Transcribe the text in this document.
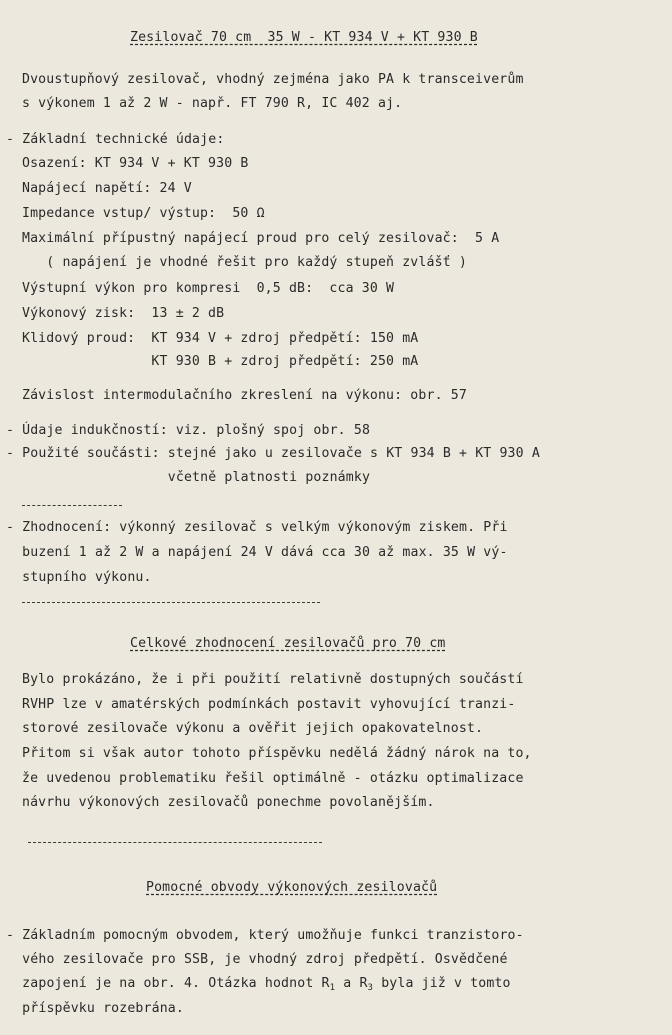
Zesilovač 70 cm  35 W - KT 934 V + KT 930 B
Dvoustupňový zesilovač, vhodný zejména jako PA k transceiverům
s výkonem 1 až 2 W - např. FT 790 R, IC 402 aj.
- Základní technické údaje:
Osazení: KT 934 V + KT 930 B
Napájecí napětí: 24 V
Impedance vstup/ výstup:  50 Ω
Maximální přípustný napájecí proud pro celý zesilovač:  5 A
( napájení je vhodné řešit pro každý stupeň zvlášť )
Výstupní výkon pro kompresi  0,5 dB:  cca 30 W
Výkonový zisk:  13 ± 2 dB
Klidový proud:  KT 934 V + zdroj předpětí: 150 mA
KT 930 B + zdroj předpětí: 250 mA
Závislost intermodulačního zkreslení na výkonu: obr. 57
- Údaje indukčností: viz. plošný spoj obr. 58
- Použité součásti: stejné jako u zesilovače s KT 934 B + KT 930 A
včetně platnosti poznámky
- Zhodnocení: výkonný zesilovač s velkým výkonovým ziskem. Při
buzení 1 až 2 W a napájení 24 V dává cca 30 až max. 35 W vý-
stupního výkonu.
Celkové zhodnocení zesilovačů pro 70 cm
Bylo prokázáno, že i při použití relativně dostupných součástí
RVHP lze v amatérských podmínkách postavit vyhovující tranzi-
storové zesilovače výkonu a ověřit jejich opakovatelnost.
Přitom si však autor tohoto příspěvku nedělá žádný nárok na to,
že uvedenou problematiku řešil optimálně - otázku optimalizace
návrhu výkonových zesilovačů ponechme povolanějším.
Pomocné obvody výkonových zesilovačů
- Základním pomocným obvodem, který umožňuje funkci tranzistoro-
vého zesilovače pro SSB, je vhodný zdroj předpětí. Osvědčené
zapojení je na obr. 4. Otázka hodnot $R_1$ a $R_3$ byla již v tomto
příspěvku rozebrána.
